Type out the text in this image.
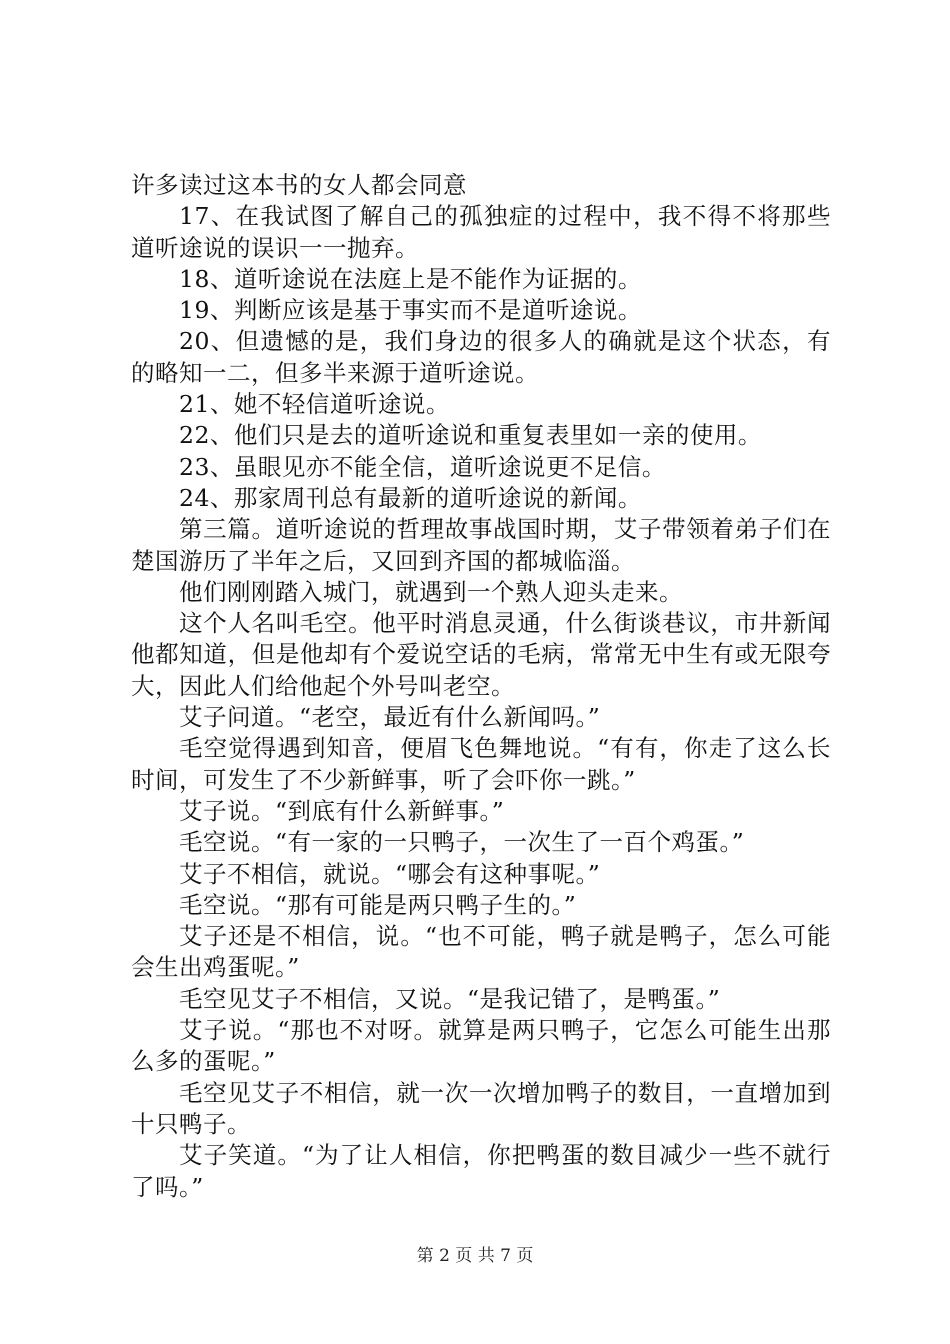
许多读过这本书的女人都会同意

17、在我试图了解自己的孤独症的过程中，我不得不将那些道听途说的误识一一抛弃。

18、道听途说在法庭上是不能作为证据的。

19、判断应该是基于事实而不是道听途说。

20、但遗憾的是，我们身边的很多人的确就是这个状态，有的略知一二，但多半来源于道听途说。

21、她不轻信道听途说。

22、他们只是去的道听途说和重复表里如一亲的使用。

23、虽眼见亦不能全信，道听途说更不足信。

24、那家周刊总有最新的道听途说的新闻。

第三篇。道听途说的哲理故事战国时期，艾子带领着弟子们在楚国游历了半年之后，又回到齐国的都城临淄。

他们刚刚踏入城门，就遇到一个熟人迎头走来。

这个人名叫毛空。他平时消息灵通，什么街谈巷议，市井新闻他都知道，但是他却有个爱说空话的毛病，常常无中生有或无限夸大，因此人们给他起个外号叫老空。

艾子问道。“老空，最近有什么新闻吗。”

毛空觉得遇到知音，便眉飞色舞地说。“有有，你走了这么长时间，可发生了不少新鲜事，听了会吓你一跳。”

艾子说。“到底有什么新鲜事。”

毛空说。“有一家的一只鸭子，一次生了一百个鸡蛋。”

艾子不相信，就说。“哪会有这种事呢。”

毛空说。“那有可能是两只鸭子生的。”

艾子还是不相信，说。“也不可能，鸭子就是鸭子，怎么可能会生出鸡蛋呢。”

毛空见艾子不相信，又说。“是我记错了，是鸭蛋。”

艾子说。“那也不对呀。就算是两只鸭子，它怎么可能生出那么多的蛋呢。”

毛空见艾子不相信，就一次一次增加鸭子的数目，一直增加到十只鸭子。

艾子笑道。“为了让人相信，你把鸭蛋的数目减少一些不就行了吗。”

第 2 页 共 7 页
